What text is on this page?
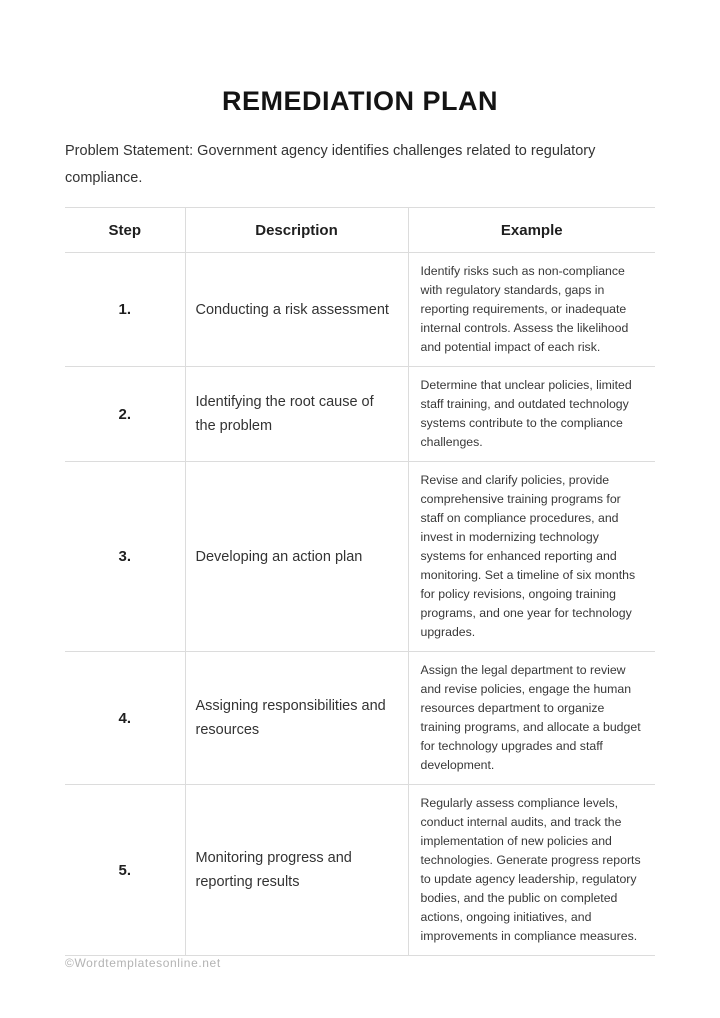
REMEDIATION PLAN

Problem Statement: Government agency identifies challenges related to regulatory compliance.

Step	Description	Example
1.	Conducting a risk assessment	Identify risks such as non-compliance with regulatory standards, gaps in reporting requirements, or inadequate internal controls. Assess the likelihood and potential impact of each risk.
2.	Identifying the root cause of the problem	Determine that unclear policies, limited staff training, and outdated technology systems contribute to the compliance challenges.
3.	Developing an action plan	Revise and clarify policies, provide comprehensive training programs for staff on compliance procedures, and invest in modernizing technology systems for enhanced reporting and monitoring. Set a timeline of six months for policy revisions, ongoing training programs, and one year for technology upgrades.
4.	Assigning responsibilities and resources	Assign the legal department to review and revise policies, engage the human resources department to organize training programs, and allocate a budget for technology upgrades and staff development.
5.	Monitoring progress and reporting results	Regularly assess compliance levels, conduct internal audits, and track the implementation of new policies and technologies. Generate progress reports to update agency leadership, regulatory bodies, and the public on completed actions, ongoing initiatives, and improvements in compliance measures.
©Wordtemplatesonline.net
